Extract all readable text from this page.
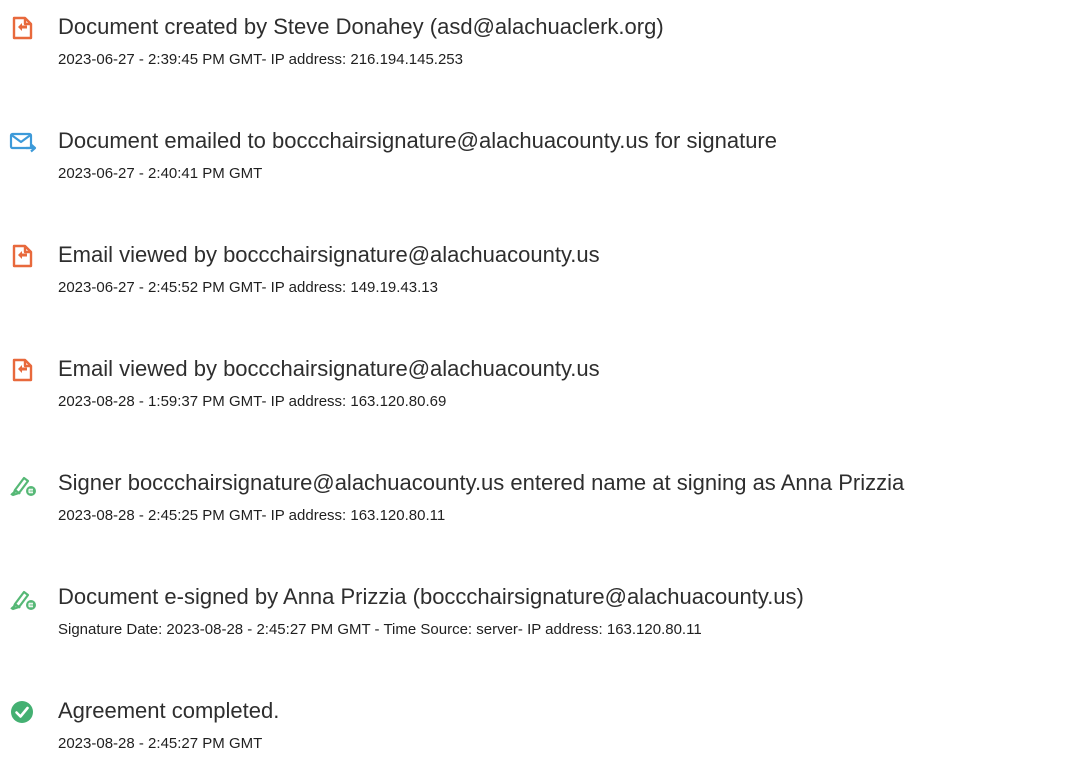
Document created by Steve Donahey (asd@alachuaclerk.org)
2023-06-27 - 2:39:45 PM GMT- IP address: 216.194.145.253
Document emailed to boccchairsignature@alachuacounty.us for signature
2023-06-27 - 2:40:41 PM GMT
Email viewed by boccchairsignature@alachuacounty.us
2023-06-27 - 2:45:52 PM GMT- IP address: 149.19.43.13
Email viewed by boccchairsignature@alachuacounty.us
2023-08-28 - 1:59:37 PM GMT- IP address: 163.120.80.69
Signer boccchairsignature@alachuacounty.us entered name at signing as Anna Prizzia
2023-08-28 - 2:45:25 PM GMT- IP address: 163.120.80.11
Document e-signed by Anna Prizzia (boccchairsignature@alachuacounty.us)
Signature Date: 2023-08-28 - 2:45:27 PM GMT - Time Source: server- IP address: 163.120.80.11
Agreement completed.
2023-08-28 - 2:45:27 PM GMT
